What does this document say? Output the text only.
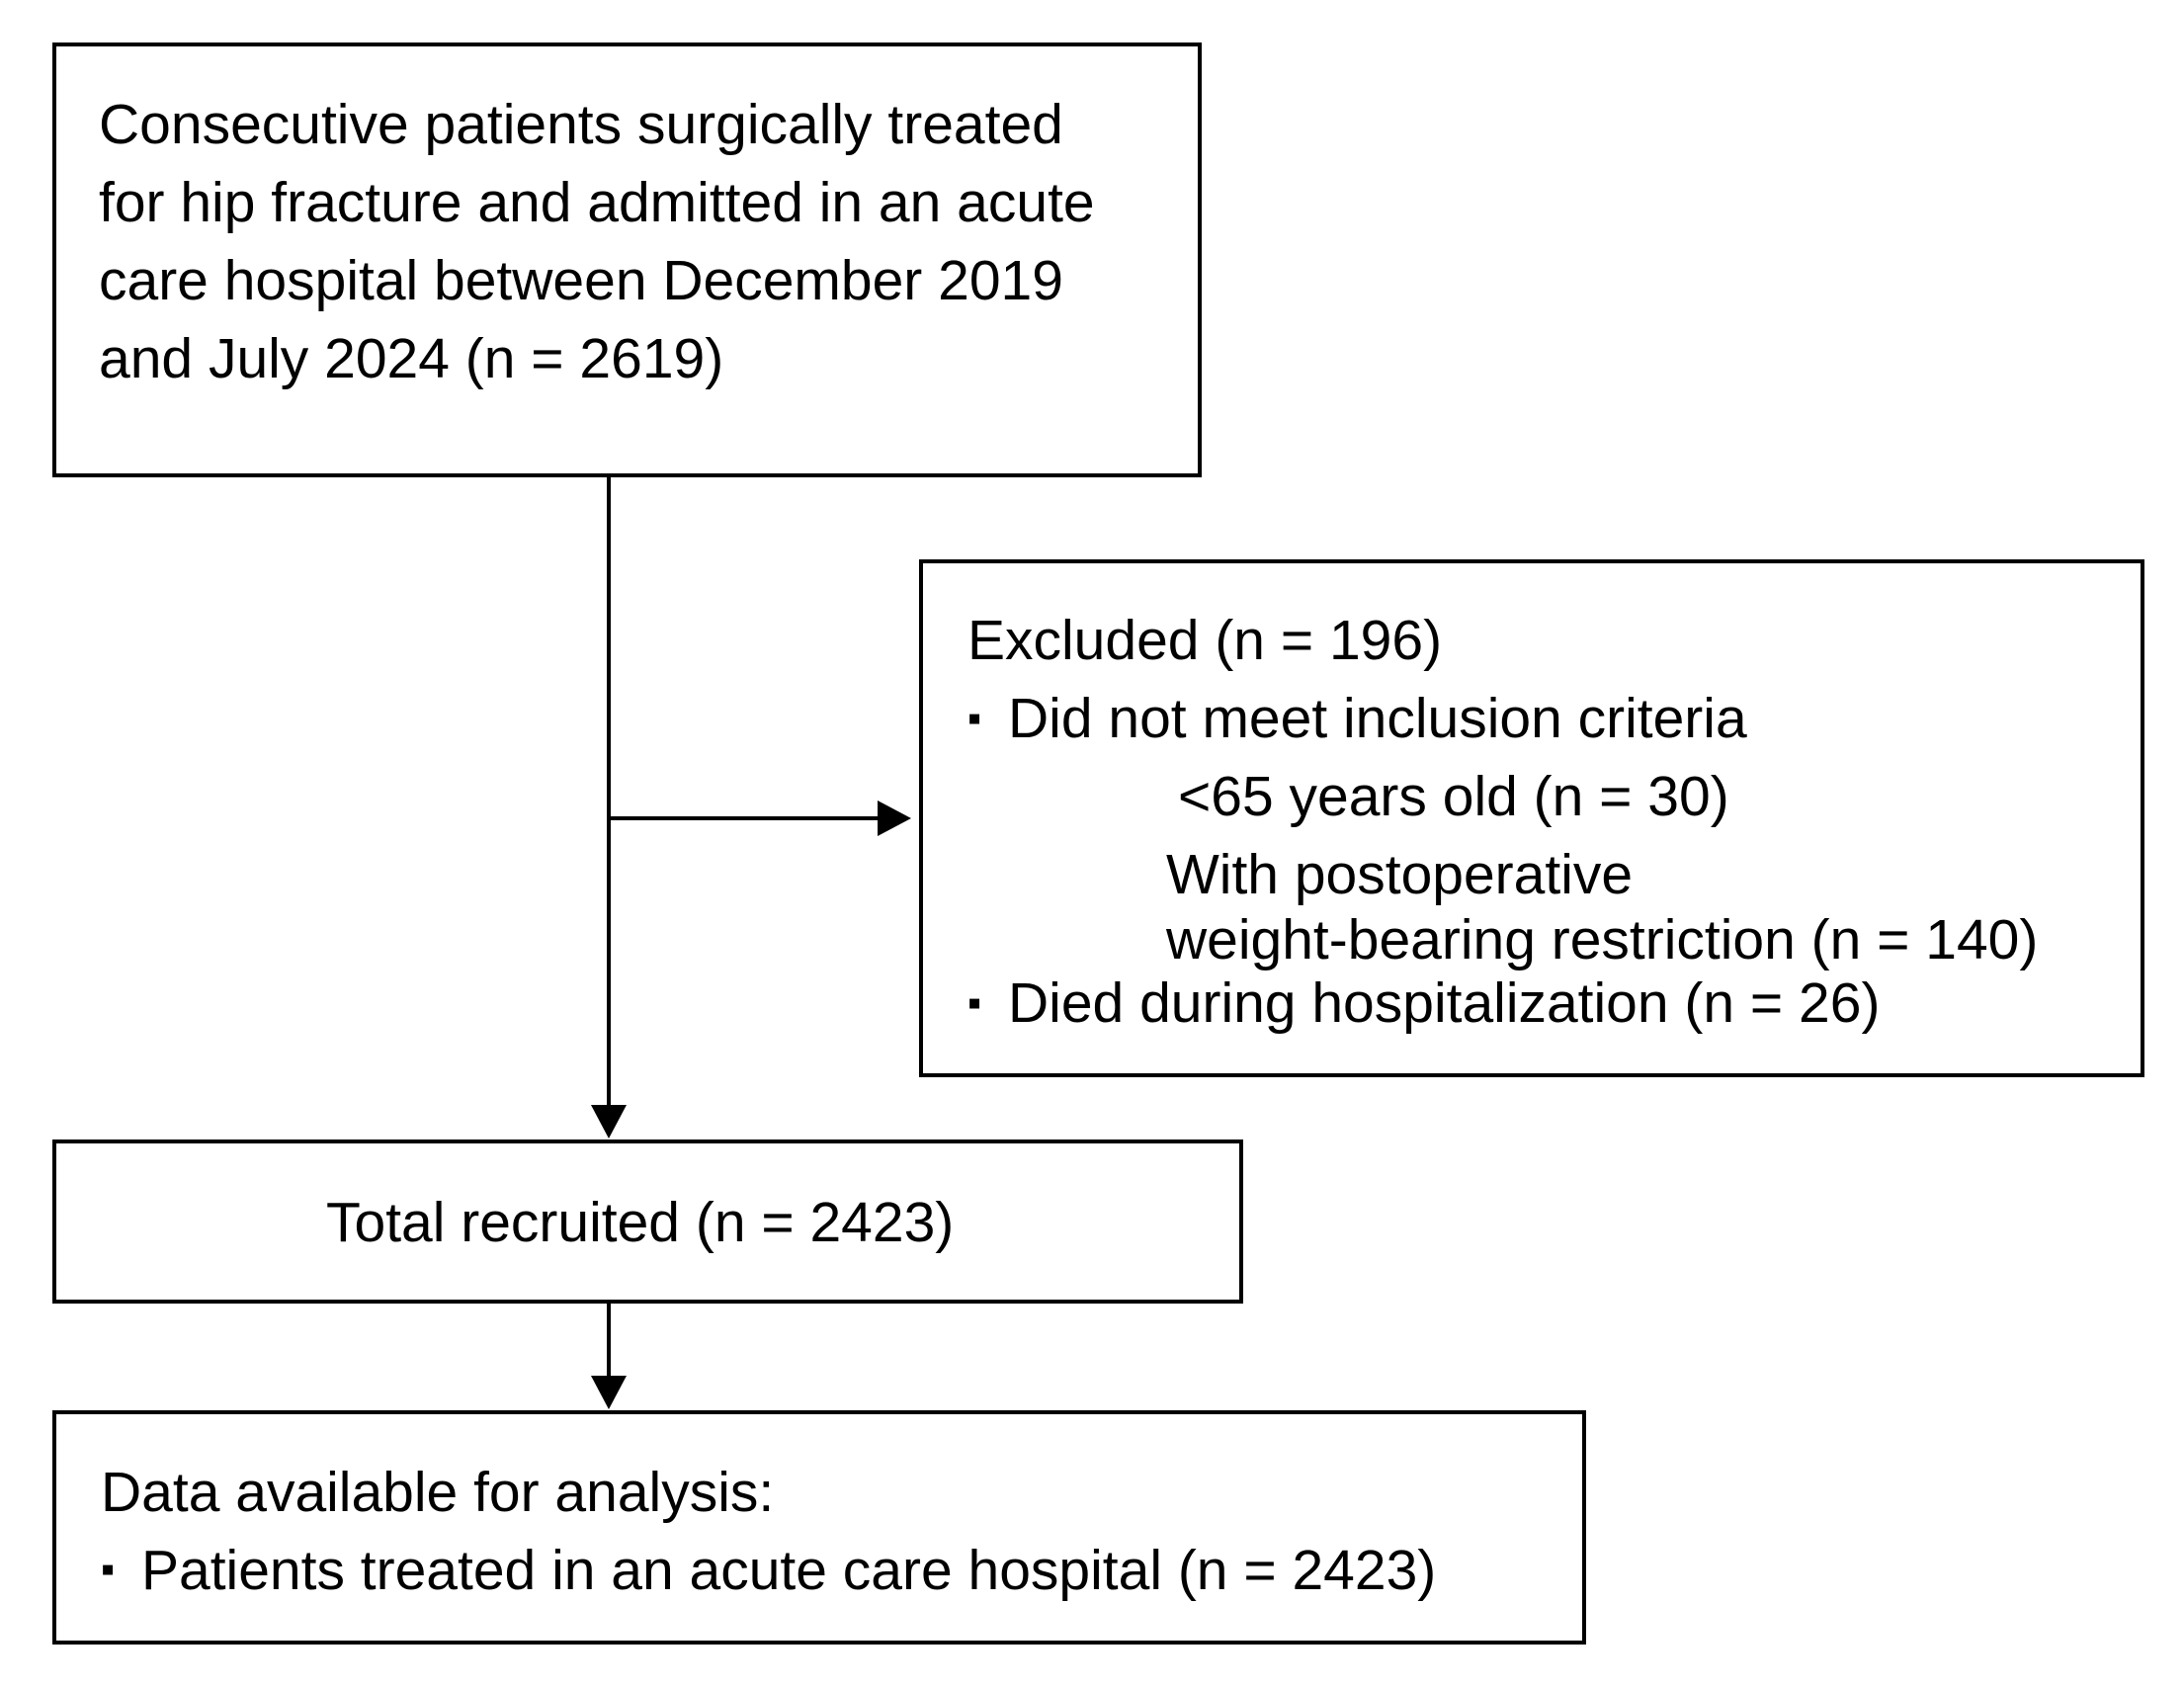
Consecutive patients surgically treated
for hip fracture and admitted in an acute
care hospital between December 2019
and July 2024 (n = 2619)
Excluded (n = 196)
▪ Did not meet inclusion criteria
<65 years old (n = 30)
With postoperative
weight-bearing restriction (n = 140)
▪ Died during hospitalization (n = 26)
Total recruited (n = 2423)
Data available for analysis:
▪ Patients treated in an acute care hospital (n = 2423)
